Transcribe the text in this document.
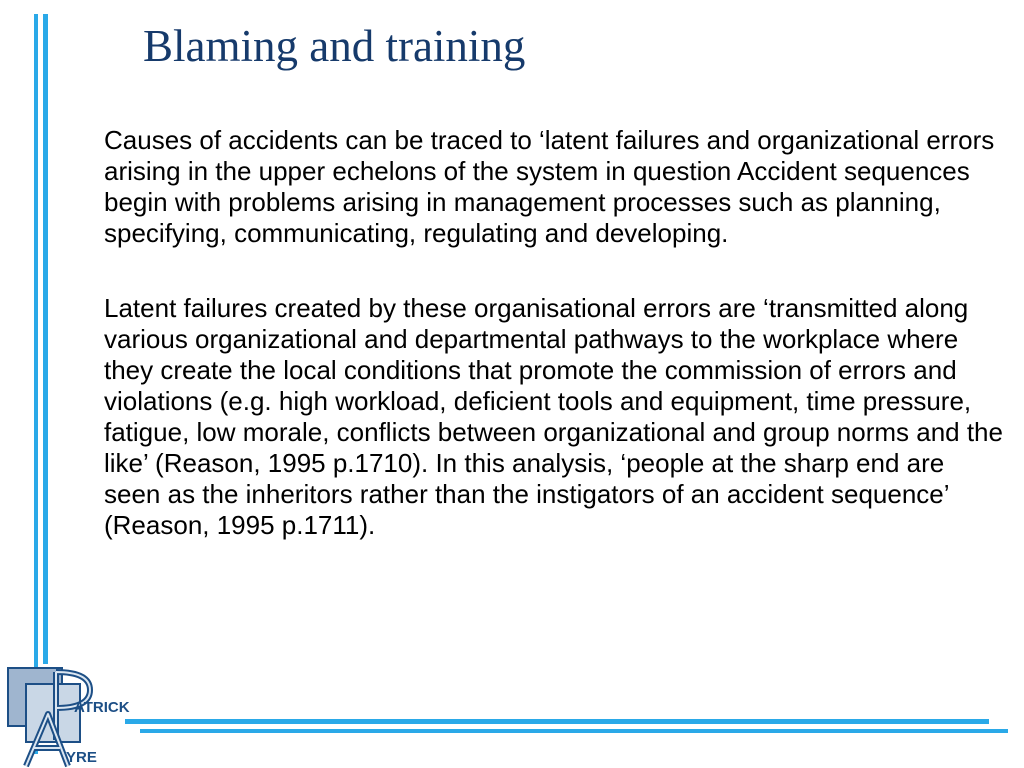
Blaming and training

Causes of accidents can be traced to ‘latent failures and organizational errors arising in the upper echelons of the system in question Accident sequences begin with problems arising in management processes such as planning, specifying, communicating, regulating and developing.

Latent failures created by these organisational errors are ‘transmitted along various organizational and departmental pathways to the workplace where they create the local conditions that promote the commission of errors and violations (e.g. high workload, deficient tools and equipment, time pressure, fatigue, low morale, conflicts between organizational and group norms and the like’ (Reason, 1995 p.1710). In this analysis, ‘people at the sharp end are seen as the inheritors rather than the instigators of an accident sequence’ (Reason, 1995 p.1711).

ATRICK
YRE
